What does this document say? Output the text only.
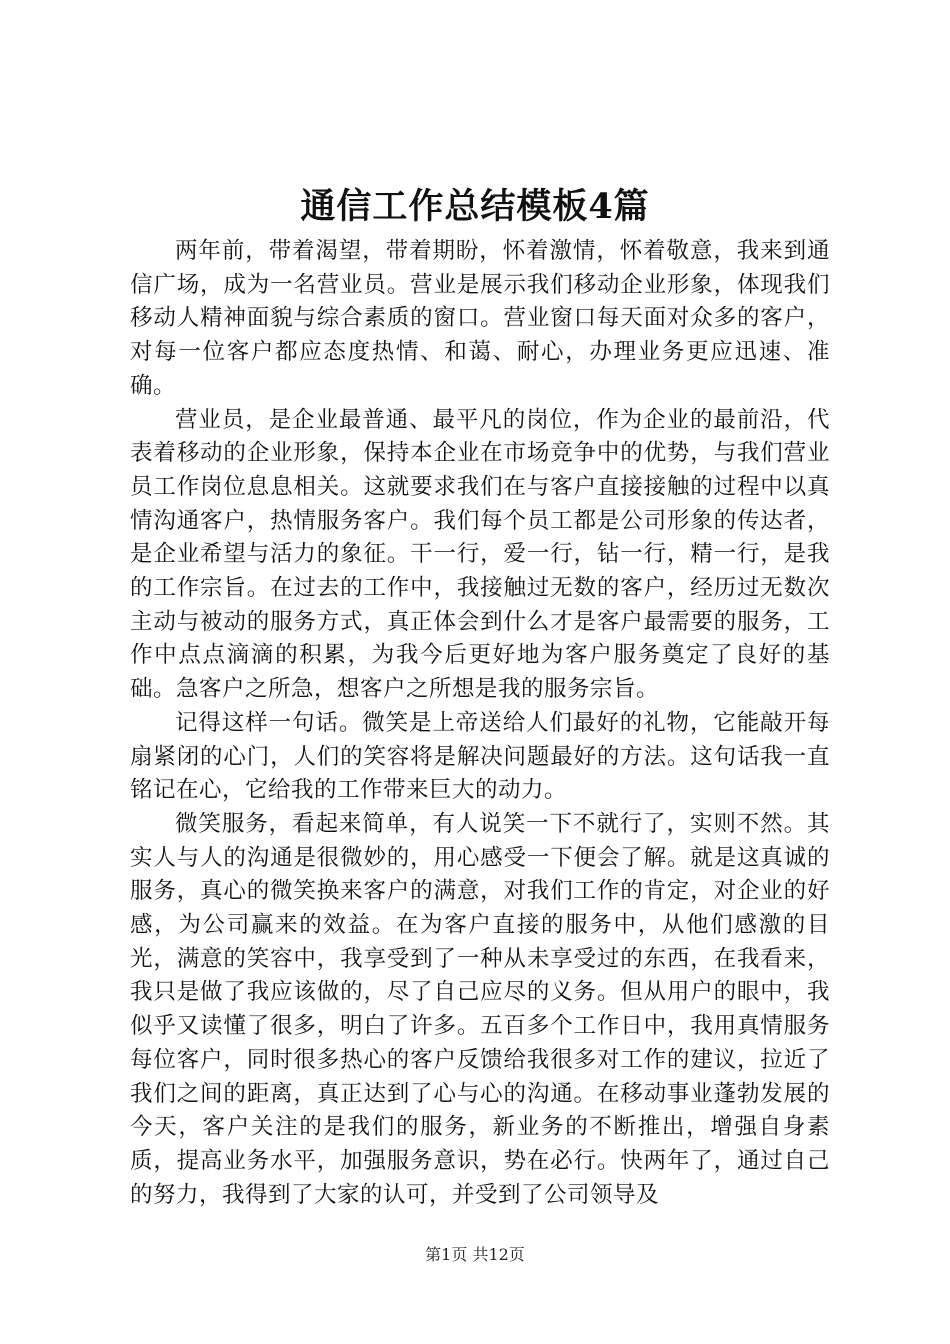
通信工作总结模板4篇

两年前，带着渴望，带着期盼，怀着激情，怀着敬意，我来到通信广场，成为一名营业员。营业是展示我们移动企业形象，体现我们移动人精神面貌与综合素质的窗口。营业窗口每天面对众多的客户，对每一位客户都应态度热情、和蔼、耐心，办理业务更应迅速、准确。

营业员，是企业最普通、最平凡的岗位，作为企业的最前沿，代表着移动的企业形象，保持本企业在市场竞争中的优势，与我们营业员工作岗位息息相关。这就要求我们在与客户直接接触的过程中以真情沟通客户，热情服务客户。我们每个员工都是公司形象的传达者，是企业希望与活力的象征。干一行，爱一行，钻一行，精一行，是我的工作宗旨。在过去的工作中，我接触过无数的客户，经历过无数次主动与被动的服务方式，真正体会到什么才是客户最需要的服务，工作中点点滴滴的积累，为我今后更好地为客户服务奠定了良好的基础。急客户之所急，想客户之所想是我的服务宗旨。

记得这样一句话。微笑是上帝送给人们最好的礼物，它能敲开每扇紧闭的心门，人们的笑容将是解决问题最好的方法。这句话我一直铭记在心，它给我的工作带来巨大的动力。

微笑服务，看起来简单，有人说笑一下不就行了，实则不然。其实人与人的沟通是很微妙的，用心感受一下便会了解。就是这真诚的服务，真心的微笑换来客户的满意，对我们工作的肯定，对企业的好感，为公司赢来的效益。在为客户直接的服务中，从他们感激的目光，满意的笑容中，我享受到了一种从未享受过的东西，在我看来，我只是做了我应该做的，尽了自己应尽的义务。但从用户的眼中，我似乎又读懂了很多，明白了许多。五百多个工作日中，我用真情服务每位客户，同时很多热心的客户反馈给我很多对工作的建议，拉近了我们之间的距离，真正达到了心与心的沟通。在移动事业蓬勃发展的今天，客户关注的是我们的服务，新业务的不断推出，增强自身素质，提高业务水平，加强服务意识，势在必行。快两年了，通过自己的努力，我得到了大家的认可，并受到了公司领导及

第1页 共12页
